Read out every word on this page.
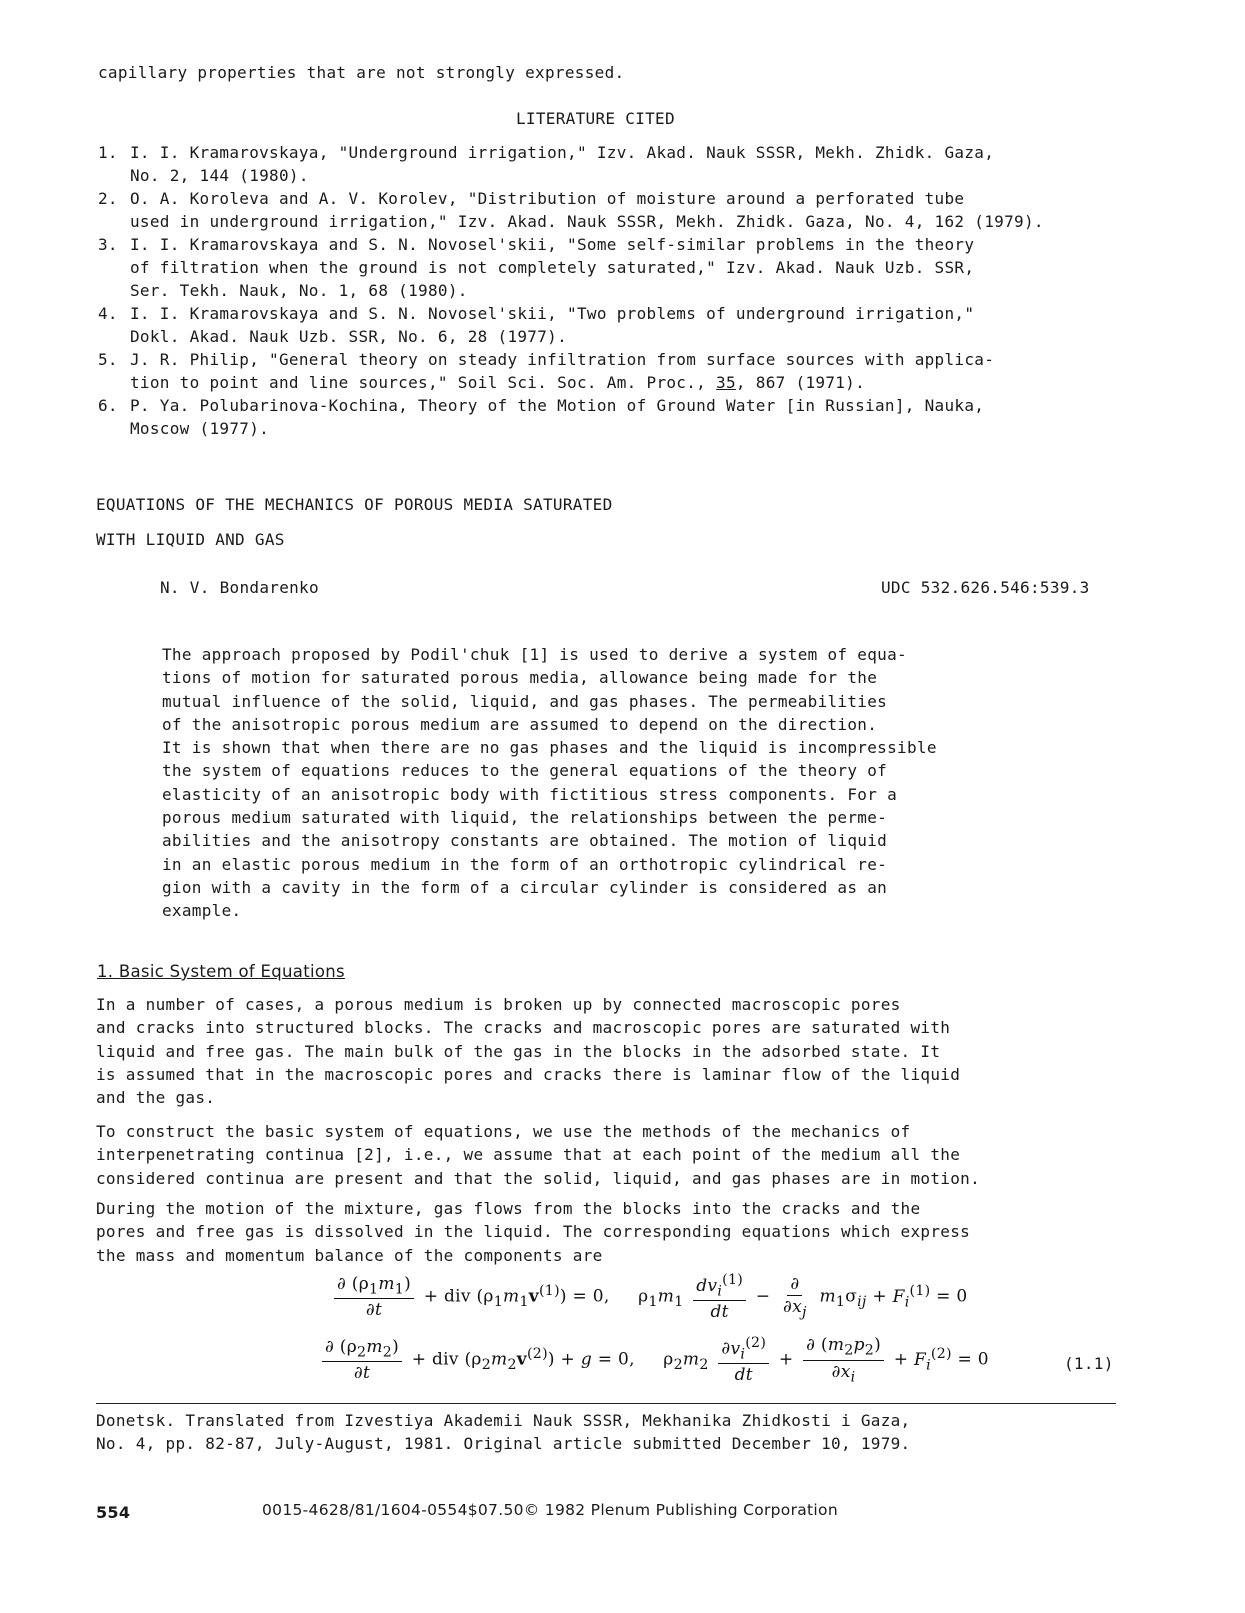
capillary properties that are not strongly expressed.
LITERATURE CITED
1. I. I. Kramarovskaya, "Underground irrigation," Izv. Akad. Nauk SSSR, Mekh. Zhidk. Gaza,
No. 2, 144 (1980).
2. O. A. Koroleva and A. V. Korolev, "Distribution of moisture around a perforated tube
used in underground irrigation," Izv. Akad. Nauk SSSR, Mekh. Zhidk. Gaza, No. 4, 162 (1979).
3. I. I. Kramarovskaya and S. N. Novosel'skii, "Some self-similar problems in the theory
of filtration when the ground is not completely saturated," Izv. Akad. Nauk Uzb. SSR,
Ser. Tekh. Nauk, No. 1, 68 (1980).
4. I. I. Kramarovskaya and S. N. Novosel'skii, "Two problems of underground irrigation,"
Dokl. Akad. Nauk Uzb. SSR, No. 6, 28 (1977).
5. J. R. Philip, "General theory on steady infiltration from surface sources with applica-
tion to point and line sources," Soil Sci. Soc. Am. Proc., 35, 867 (1971).
6. P. Ya. Polubarinova-Kochina, Theory of the Motion of Ground Water [in Russian], Nauka,
Moscow (1977).
EQUATIONS OF THE MECHANICS OF POROUS MEDIA SATURATED
WITH LIQUID AND GAS
N. V. Bondarenko	UDC 532.626.546:539.3
The approach proposed by Podil'chuk [1] is used to derive a system of equa-
tions of motion for saturated porous media, allowance being made for the
mutual influence of the solid, liquid, and gas phases. The permeabilities
of the anisotropic porous medium are assumed to depend on the direction.
It is shown that when there are no gas phases and the liquid is incompressible
the system of equations reduces to the general equations of the theory of
elasticity of an anisotropic body with fictitious stress components. For a
porous medium saturated with liquid, the relationships between the perme-
abilities and the anisotropy constants are obtained. The motion of liquid
in an elastic porous medium in the form of an orthotropic cylindrical re-
gion with a cavity in the form of a circular cylinder is considered as an
example.
1. Basic System of Equations
In a number of cases, a porous medium is broken up by connected macroscopic pores
and cracks into structured blocks. The cracks and macroscopic pores are saturated with
liquid and free gas. The main bulk of the gas in the blocks in the adsorbed state. It
is assumed that in the macroscopic pores and cracks there is laminar flow of the liquid
and the gas.
To construct the basic system of equations, we use the methods of the mechanics of
interpenetrating continua [2], i.e., we assume that at each point of the medium all the
considered continua are present and that the solid, liquid, and gas phases are in motion.
During the motion of the mixture, gas flows from the blocks into the cracks and the
pores and free gas is dissolved in the liquid. The corresponding equations which express
the mass and momentum balance of the components are
$\frac{\partial (\rho_1m_1)}{\partial t}$ + div $(\rho_1m_1v^{(1)}) = 0$,     $\rho_1m_1 \frac{dv_i^{(1)}}{dt} - \frac{\partial}{\partial x_j} m_1\sigma_{ij} + F_i^{(1)} = 0$
$\frac{\partial (\rho_2m_2)}{\partial t}$ + div $(\rho_2m_2v^{(2)}) + g = 0$,     $\rho_2m_2 \frac{\partial v_i^{(2)}}{dt} + \frac{\partial (m_2p_2)}{\partial x_i} + F_i^{(2)} = 0$	(1.1)
Donetsk. Translated from Izvestiya Akademii Nauk SSSR, Mekhanika Zhidkosti i Gaza,
No. 4, pp. 82-87, July-August, 1981. Original article submitted December 10, 1979.
554	0015-4628/81/1604-0554$07.50© 1982 Plenum Publishing Corporation
